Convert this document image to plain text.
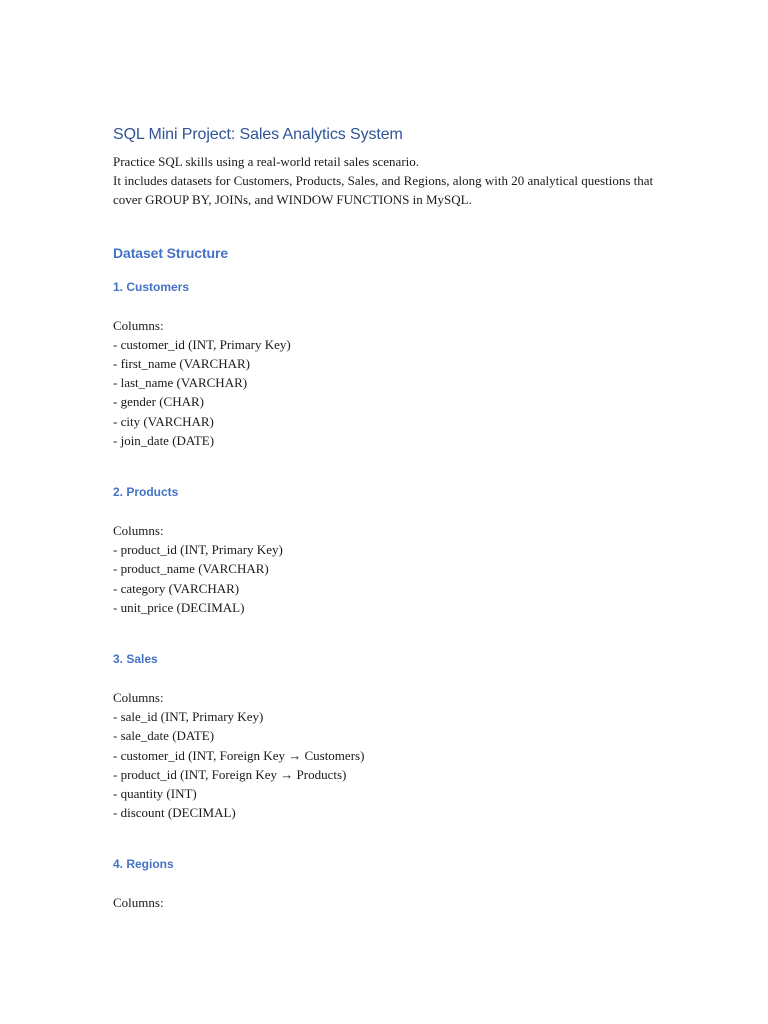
SQL Mini Project: Sales Analytics System

Practice SQL skills using a real-world retail sales scenario.

It includes datasets for Customers, Products, Sales, and Regions, along with 20 analytical questions that

cover GROUP BY, JOINs, and WINDOW FUNCTIONS in MySQL.

Dataset Structure
1. Customers

Columns:

- customer_id (INT, Primary Key)
- first_name (VARCHAR)
- last_name (VARCHAR)
- gender (CHAR)
- city (VARCHAR)
- join_date (DATE)
2. Products

Columns:

- product_id (INT, Primary Key)
- product_name (VARCHAR)
- category (VARCHAR)
- unit_price (DECIMAL)
3. Sales

Columns:

- sale_id (INT, Primary Key)
- sale_date (DATE)
- customer_id (INT, Foreign Key → Customers)
- product_id (INT, Foreign Key → Products)
- quantity (INT)
- discount (DECIMAL)
4. Regions

Columns:
